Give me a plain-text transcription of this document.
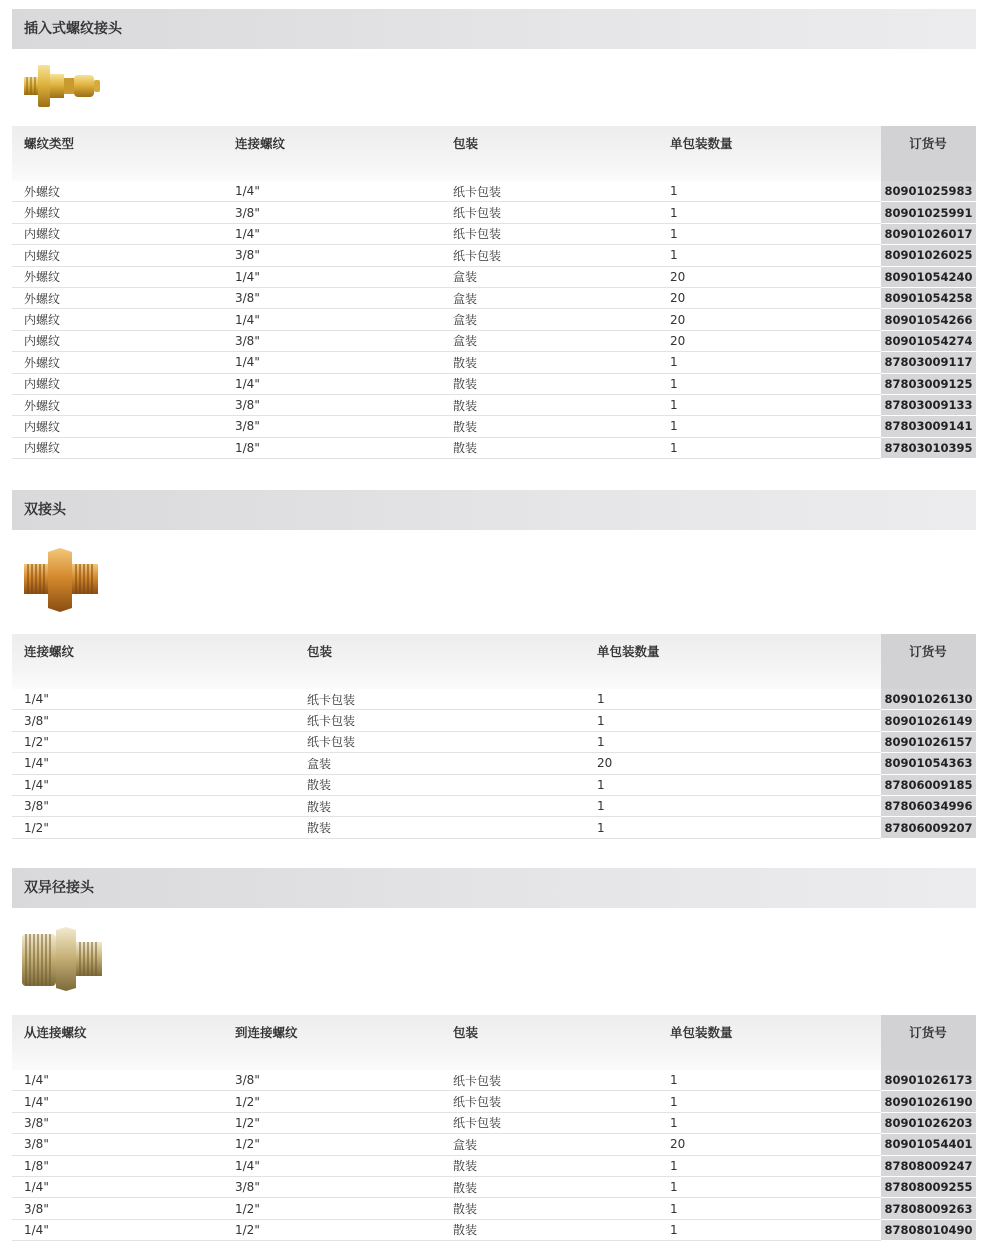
插入式螺纹接头
螺纹类型	连接螺纹	包装	单包装数量	订货号
外螺纹	1/4"	纸卡包装	1	80901025983
外螺纹	3/8"	纸卡包装	1	80901025991
内螺纹	1/4"	纸卡包装	1	80901026017
内螺纹	3/8"	纸卡包装	1	80901026025
外螺纹	1/4"	盒装	20	80901054240
外螺纹	3/8"	盒装	20	80901054258
内螺纹	1/4"	盒装	20	80901054266
内螺纹	3/8"	盒装	20	80901054274
外螺纹	1/4"	散装	1	87803009117
内螺纹	1/4"	散装	1	87803009125
外螺纹	3/8"	散装	1	87803009133
内螺纹	3/8"	散装	1	87803009141
内螺纹	1/8"	散装	1	87803010395
双接头
连接螺纹	包装	单包装数量	订货号
1/4"	纸卡包装	1	80901026130
3/8"	纸卡包装	1	80901026149
1/2"	纸卡包装	1	80901026157
1/4"	盒装	20	80901054363
1/4"	散装	1	87806009185
3/8"	散装	1	87806034996
1/2"	散装	1	87806009207
双异径接头
从连接螺纹	到连接螺纹	包装	单包装数量	订货号
1/4"	3/8"	纸卡包装	1	80901026173
1/4"	1/2"	纸卡包装	1	80901026190
3/8"	1/2"	纸卡包装	1	80901026203
3/8"	1/2"	盒装	20	80901054401
1/8"	1/4"	散装	1	87808009247
1/4"	3/8"	散装	1	87808009255
3/8"	1/2"	散装	1	87808009263
1/4"	1/2"	散装	1	87808010490
